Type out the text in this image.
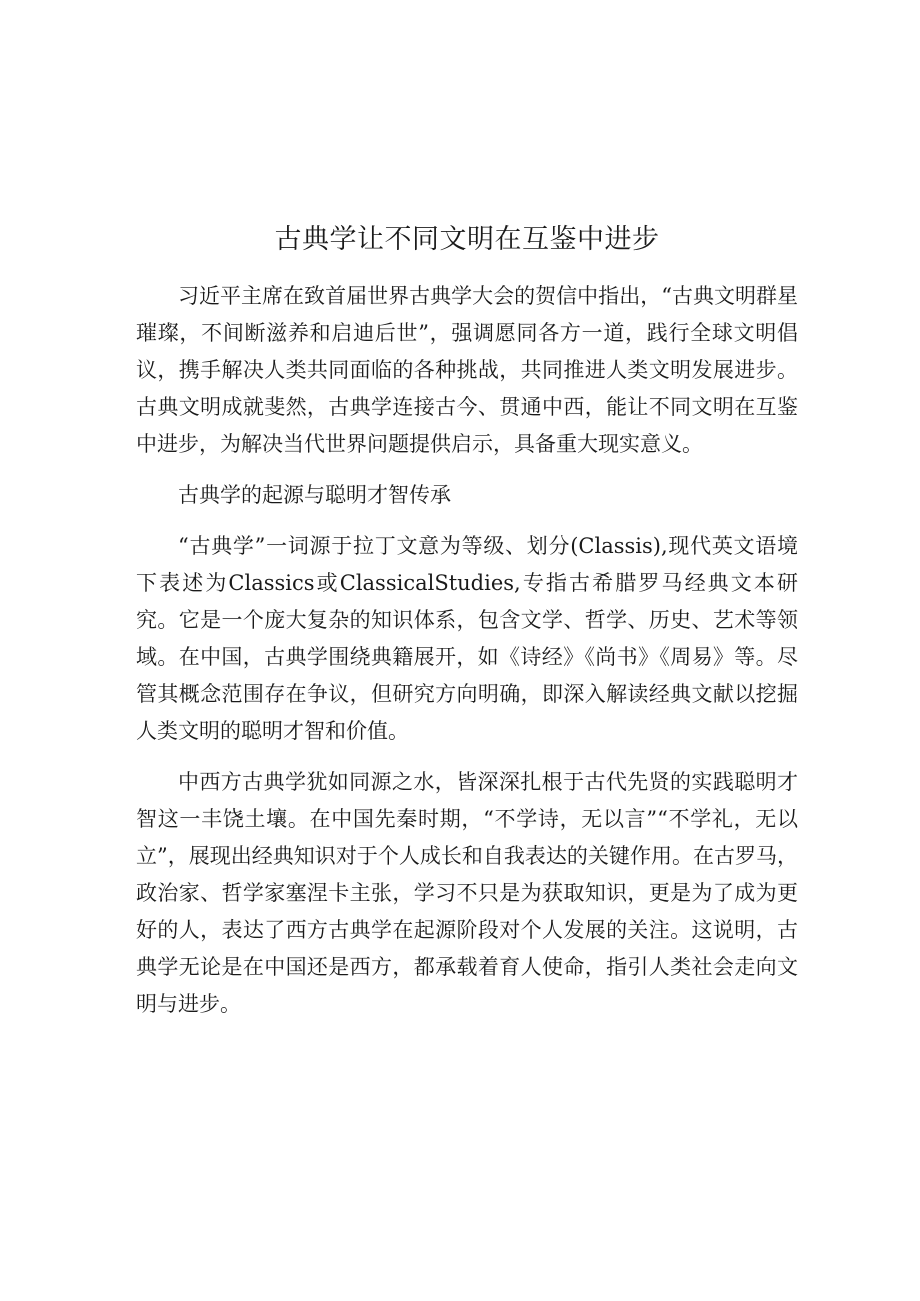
古典学让不同文明在互鉴中进步

习近平主席在致首届世界古典学大会的贺信中指出，“古典文明群星璀璨，不间断滋养和启迪后世”，强调愿同各方一道，践行全球文明倡议，携手解决人类共同面临的各种挑战，共同推进人类文明发展进步。古典文明成就斐然，古典学连接古今、贯通中西，能让不同文明在互鉴中进步，为解决当代世界问题提供启示，具备重大现实意义。

古典学的起源与聪明才智传承

“古典学”一词源于拉丁文意为等级、划分(Classis),现代英文语境下表述为Classics或ClassicalStudies,专指古希腊罗马经典文本研究。它是一个庞大复杂的知识体系，包含文学、哲学、历史、艺术等领域。在中国，古典学围绕典籍展开，如《诗经》《尚书》《周易》等。尽管其概念范围存在争议，但研究方向明确，即深入解读经典文献以挖掘人类文明的聪明才智和价值。

中西方古典学犹如同源之水，皆深深扎根于古代先贤的实践聪明才智这一丰饶土壤。在中国先秦时期，“不学诗，无以言”“不学礼，无以立”，展现出经典知识对于个人成长和自我表达的关键作用。在古罗马，政治家、哲学家塞涅卡主张，学习不只是为获取知识，更是为了成为更好的人，表达了西方古典学在起源阶段对个人发展的关注。这说明，古典学无论是在中国还是西方，都承载着育人使命，指引人类社会走向文明与进步。
